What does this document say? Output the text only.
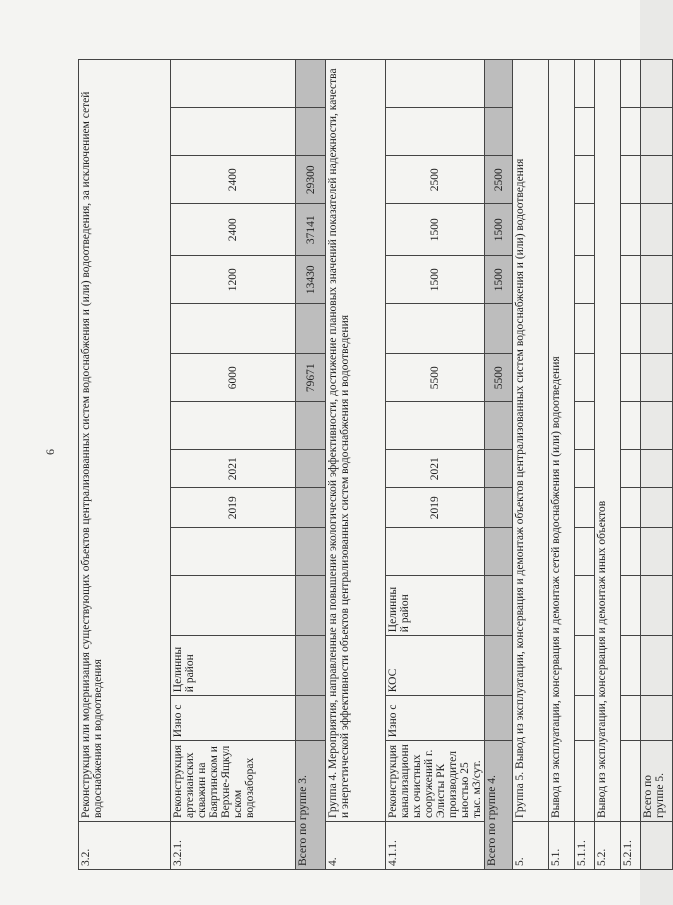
6
3.2.	Реконструкция или модернизация существующих объектов централизованных систем водоснабжения и (или) водоотведения, за исключением сетей водоснабжения и водоотведения														
3.2.1.	Реконструкция артезианских скважин на Баяртинском и Верхне-Ящкул ьском водозаборах	Изно с	Целинны й район			2019	2021		6000		1200	2400	2400		
Всего по группе 3.									79671		13430	37141	29300		
4.	Группа 4. Мероприятия, направленные на повышение экологической эффективности, достижение плановых значений показателей надежности, качества и энергетической эффективности объектов централизованных систем водоснабжения и водоотведения														
4.1.1.	Реконструкция канализационн ых очистных сооружений г. Элисты РК производител ьностью 25 тыс. м3/сут.	Изно с	КОС	Целинны й район		2019	2021		5500		1500	1500	2500		
Всего по группе 4.									5500		1500	1500	2500		
5.	Группа 5. Вывод из эксплуатации, консервация и демонтаж объектов централизованных систем водоснабжения и (или) водоотведения														
5.1.	Вывод из эксплуатации, консервация и демонтаж сетей водоснабжения и (или) водоотведения														
5.1.1.															
5.2.	Вывод из эксплуатации, консервация и демонтаж иных объектов														
5.2.1.															
	Всего по группе 5.														
